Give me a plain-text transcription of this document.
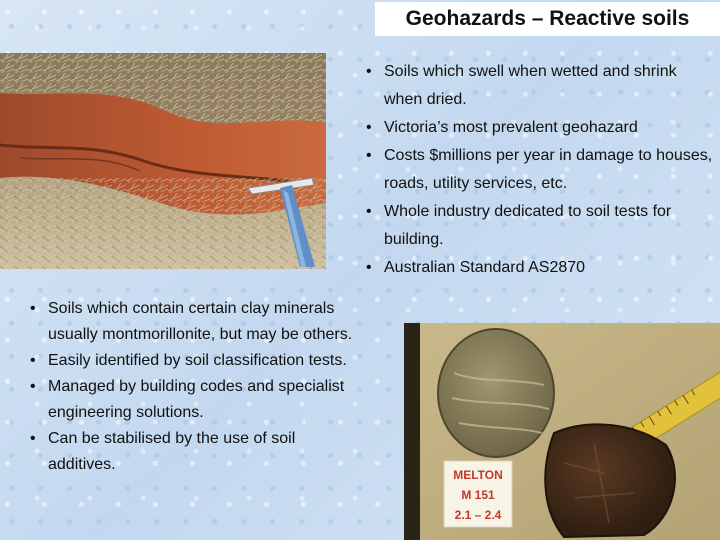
Geohazards – Reactive soils
• Soils which swell when wetted and shrink when dried.
• Victoria’s most prevalent geohazard
• Costs $millions per year in damage to houses, roads, utility services, etc.
• Whole industry dedicated to soil tests for building.
• Australian Standard AS2870
• Soils which contain certain clay minerals usually montmorillonite, but may be others.
• Easily identified by soil classification tests.
• Managed by building codes and specialist engineering solutions.
• Can be stabilised by the use of soil additives.
MELTON
M 151
2.1 – 2.4
